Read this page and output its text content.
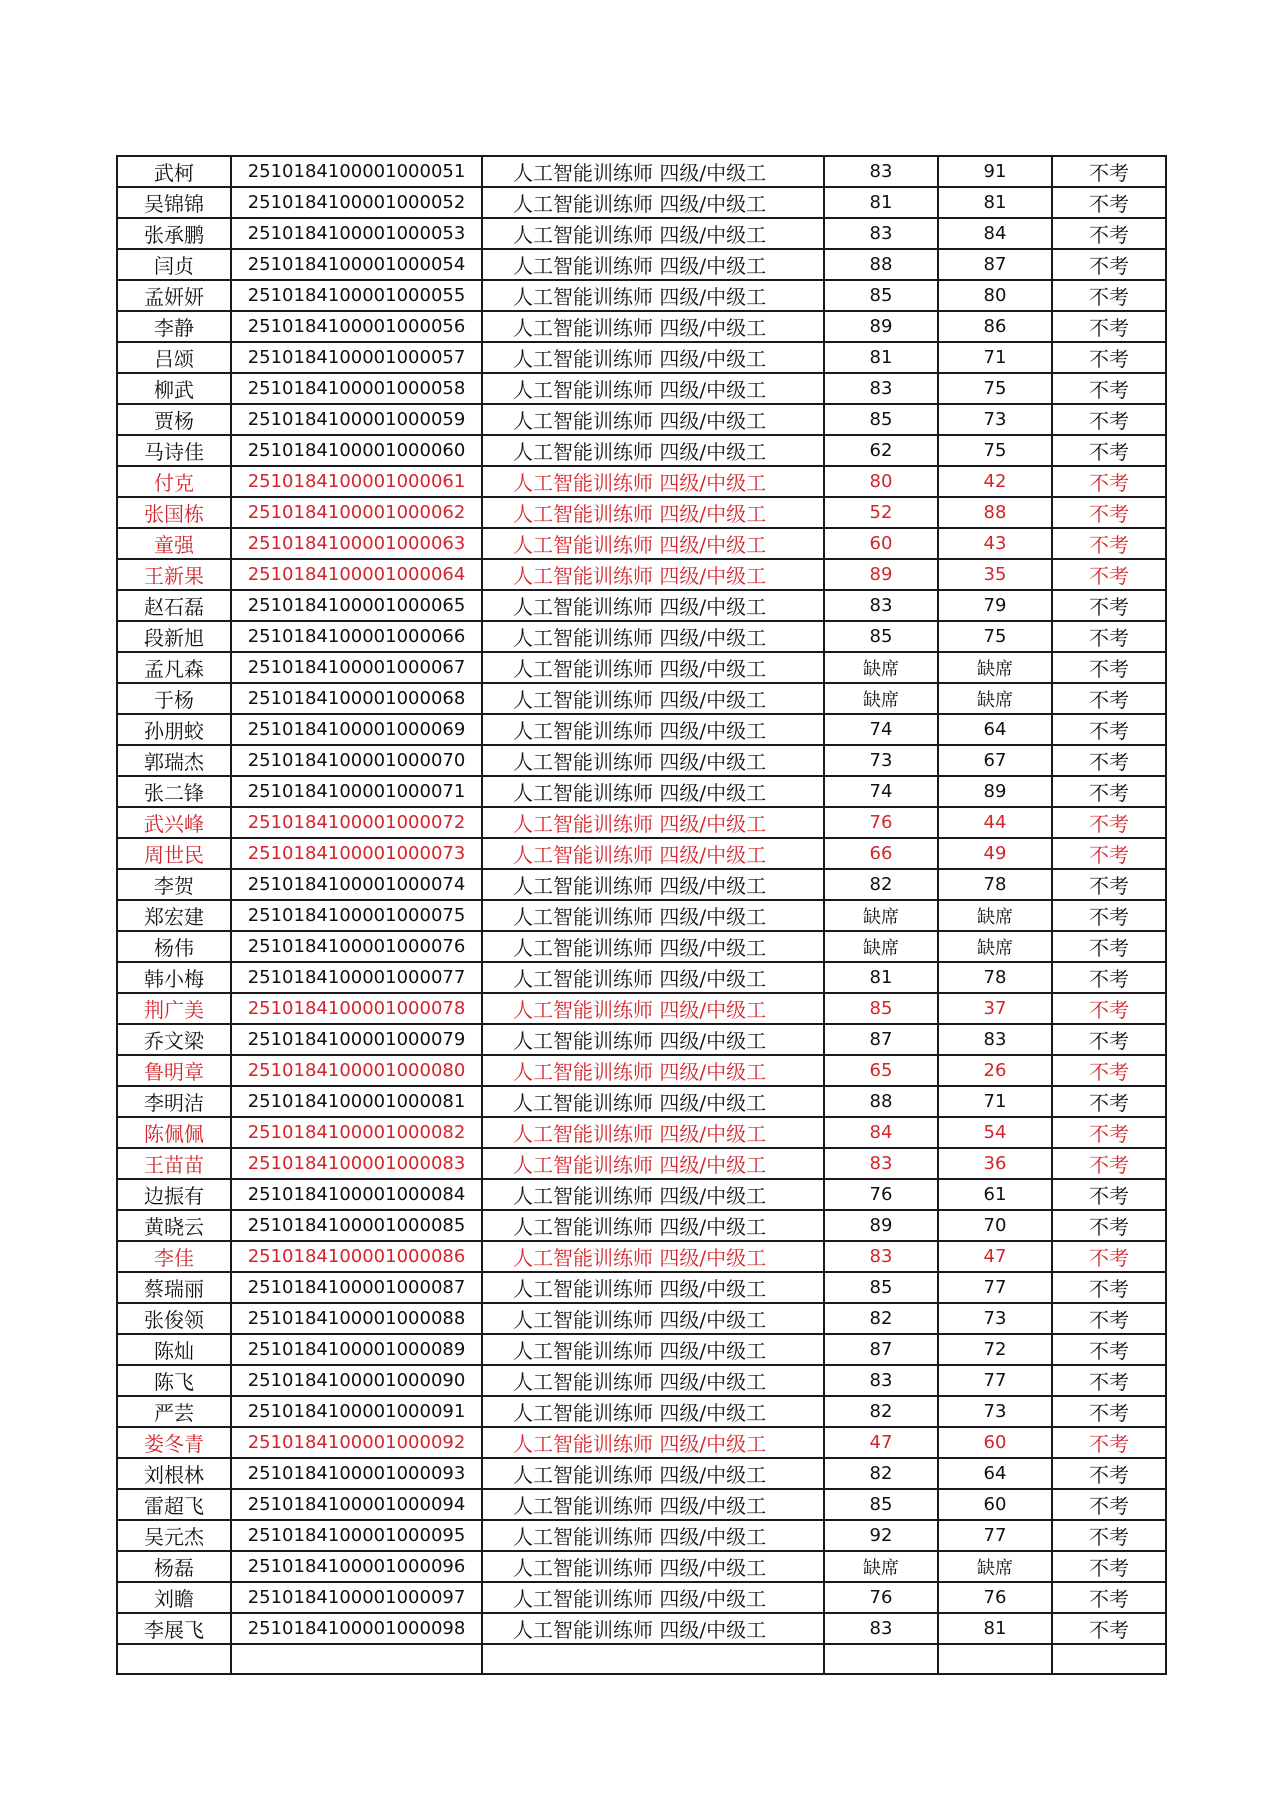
武柯	2510184100001000051	人工智能训练师 四级/中级工	83	91	不考
吴锦锦	2510184100001000052	人工智能训练师 四级/中级工	81	81	不考
张承鹏	2510184100001000053	人工智能训练师 四级/中级工	83	84	不考
闫贞	2510184100001000054	人工智能训练师 四级/中级工	88	87	不考
孟妍妍	2510184100001000055	人工智能训练师 四级/中级工	85	80	不考
李静	2510184100001000056	人工智能训练师 四级/中级工	89	86	不考
吕颂	2510184100001000057	人工智能训练师 四级/中级工	81	71	不考
柳武	2510184100001000058	人工智能训练师 四级/中级工	83	75	不考
贾杨	2510184100001000059	人工智能训练师 四级/中级工	85	73	不考
马诗佳	2510184100001000060	人工智能训练师 四级/中级工	62	75	不考
付克	2510184100001000061	人工智能训练师 四级/中级工	80	42	不考
张国栋	2510184100001000062	人工智能训练师 四级/中级工	52	88	不考
童强	2510184100001000063	人工智能训练师 四级/中级工	60	43	不考
王新果	2510184100001000064	人工智能训练师 四级/中级工	89	35	不考
赵石磊	2510184100001000065	人工智能训练师 四级/中级工	83	79	不考
段新旭	2510184100001000066	人工智能训练师 四级/中级工	85	75	不考
孟凡森	2510184100001000067	人工智能训练师 四级/中级工	缺席	缺席	不考
于杨	2510184100001000068	人工智能训练师 四级/中级工	缺席	缺席	不考
孙朋蛟	2510184100001000069	人工智能训练师 四级/中级工	74	64	不考
郭瑞杰	2510184100001000070	人工智能训练师 四级/中级工	73	67	不考
张二锋	2510184100001000071	人工智能训练师 四级/中级工	74	89	不考
武兴峰	2510184100001000072	人工智能训练师 四级/中级工	76	44	不考
周世民	2510184100001000073	人工智能训练师 四级/中级工	66	49	不考
李贺	2510184100001000074	人工智能训练师 四级/中级工	82	78	不考
郑宏建	2510184100001000075	人工智能训练师 四级/中级工	缺席	缺席	不考
杨伟	2510184100001000076	人工智能训练师 四级/中级工	缺席	缺席	不考
韩小梅	2510184100001000077	人工智能训练师 四级/中级工	81	78	不考
荆广美	2510184100001000078	人工智能训练师 四级/中级工	85	37	不考
乔文梁	2510184100001000079	人工智能训练师 四级/中级工	87	83	不考
鲁明章	2510184100001000080	人工智能训练师 四级/中级工	65	26	不考
李明洁	2510184100001000081	人工智能训练师 四级/中级工	88	71	不考
陈佩佩	2510184100001000082	人工智能训练师 四级/中级工	84	54	不考
王苗苗	2510184100001000083	人工智能训练师 四级/中级工	83	36	不考
边振有	2510184100001000084	人工智能训练师 四级/中级工	76	61	不考
黄晓云	2510184100001000085	人工智能训练师 四级/中级工	89	70	不考
李佳	2510184100001000086	人工智能训练师 四级/中级工	83	47	不考
蔡瑞丽	2510184100001000087	人工智能训练师 四级/中级工	85	77	不考
张俊领	2510184100001000088	人工智能训练师 四级/中级工	82	73	不考
陈灿	2510184100001000089	人工智能训练师 四级/中级工	87	72	不考
陈飞	2510184100001000090	人工智能训练师 四级/中级工	83	77	不考
严芸	2510184100001000091	人工智能训练师 四级/中级工	82	73	不考
娄冬青	2510184100001000092	人工智能训练师 四级/中级工	47	60	不考
刘根林	2510184100001000093	人工智能训练师 四级/中级工	82	64	不考
雷超飞	2510184100001000094	人工智能训练师 四级/中级工	85	60	不考
吴元杰	2510184100001000095	人工智能训练师 四级/中级工	92	77	不考
杨磊	2510184100001000096	人工智能训练师 四级/中级工	缺席	缺席	不考
刘瞻	2510184100001000097	人工智能训练师 四级/中级工	76	76	不考
李展飞	2510184100001000098	人工智能训练师 四级/中级工	83	81	不考
